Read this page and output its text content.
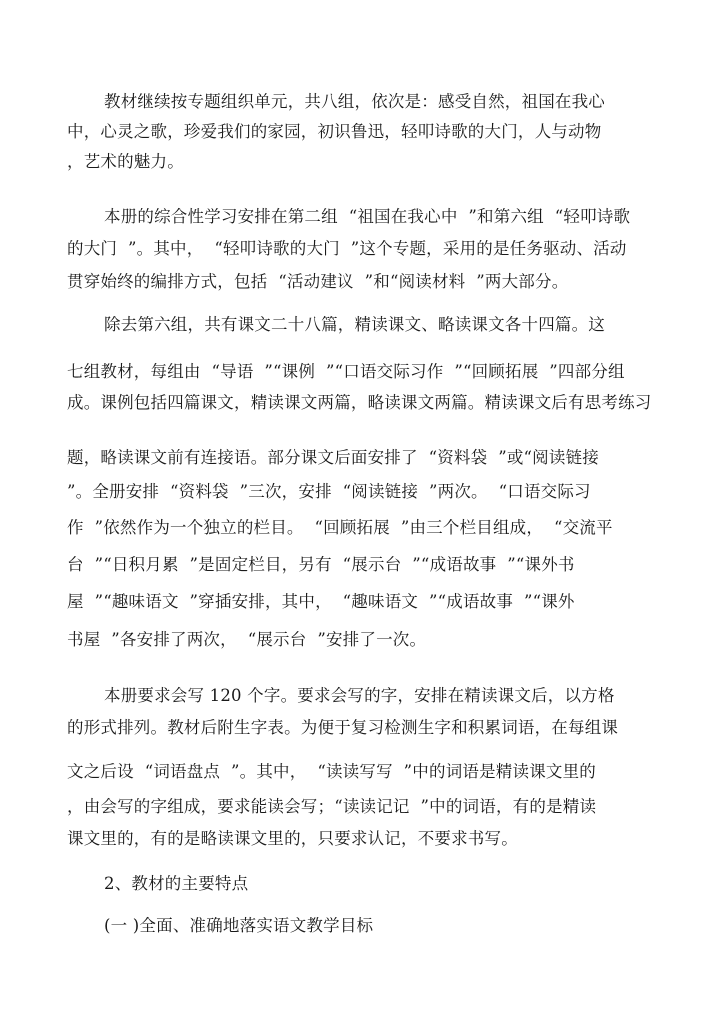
教材继续按专题组织单元，共八组，依次是：感受自然，祖国在我心
中，心灵之歌，珍爱我们的家园，初识鲁迅，轻叩诗歌的大门，人与动物
，艺术的魅力。
本册的综合性学习安排在第二组  “祖国在我心中  ”和第六组  “轻叩诗歌
的大门  ”。其中，  “轻叩诗歌的大门  ”这个专题，采用的是任务驱动、活动
贯穿始终的编排方式，包括  “活动建议  ”和“阅读材料  ”两大部分。
除去第六组，共有课文二十八篇，精读课文、略读课文各十四篇。这
七组教材，每组由  “导语  ”“课例  ”“口语交际习作  ”“回顾拓展  ”四部分组
成。课例包括四篇课文，精读课文两篇，略读课文两篇。精读课文后有思考练习
题，略读课文前有连接语。部分课文后面安排了  “资料袋  ”或“阅读链接
”。全册安排  “资料袋  ”三次，安排  “阅读链接  ”两次。  “口语交际习
作  ”依然作为一个独立的栏目。  “回顾拓展  ”由三个栏目组成，  “交流平
台  ”“日积月累  ”是固定栏目，另有  “展示台  ”“成语故事  ”“课外书
屋  ”“趣味语文  ”穿插安排，其中，  “趣味语文  ”“成语故事  ”“课外
书屋  ”各安排了两次，  “展示台  ”安排了一次。
本册要求会写 120 个字。要求会写的字，安排在精读课文后，以方格
的形式排列。教材后附生字表。为便于复习检测生字和积累词语，在每组课
文之后设  “词语盘点  ”。其中，  “读读写写  ”中的词语是精读课文里的
，由会写的字组成，要求能读会写；“读读记记  ”中的词语，有的是精读
课文里的，有的是略读课文里的，只要求认记，不要求书写。
2、教材的主要特点
(一 )全面、准确地落实语文教学目标
